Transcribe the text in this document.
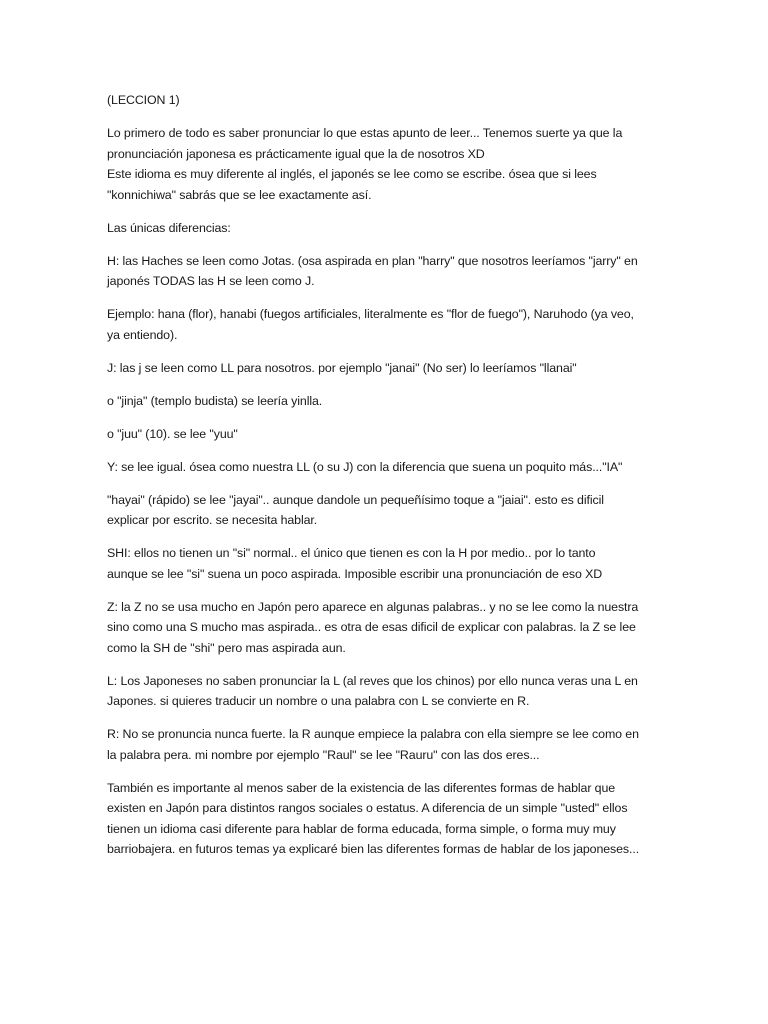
(LECCION 1)

Lo primero de todo es saber pronunciar lo que estas apunto de leer... Tenemos suerte ya que la
pronunciación japonesa es prácticamente igual que la de nosotros XD
Este idioma es muy diferente al inglés, el japonés se lee como se escribe. ósea que si lees
"konnichiwa" sabrás que se lee exactamente así.

Las únicas diferencias:

H: las Haches se leen como Jotas. (osa aspirada en plan "harry" que nosotros leeríamos "jarry" en
japonés TODAS las H se leen como J.

Ejemplo: hana (flor), hanabi (fuegos artificiales, literalmente es "flor de fuego"), Naruhodo (ya veo,
ya entiendo).

J: las j se leen como LL para nosotros. por ejemplo "janai" (No ser) lo leeríamos "llanai"

o "jinja" (templo budista) se leería yinlla.

o "juu" (10). se lee "yuu"

Y: se lee igual. ósea como nuestra LL (o su J) con la diferencia que suena un poquito más..."IA"

"hayai" (rápido) se lee "jayai".. aunque dandole un pequeñísimo toque a "jaiai". esto es dificil
explicar por escrito. se necesita hablar.

SHI: ellos no tienen un "si" normal.. el único que tienen es con la H por medio.. por lo tanto
aunque se lee "si" suena un poco aspirada. Imposible escribir una pronunciación de eso XD

Z: la Z no se usa mucho en Japón pero aparece en algunas palabras.. y no se lee como la nuestra
sino como una S mucho mas aspirada.. es otra de esas dificil de explicar con palabras. la Z se lee
como la SH de "shi" pero mas aspirada aun.

L: Los Japoneses no saben pronunciar la L (al reves que los chinos) por ello nunca veras una L en
Japones. si quieres traducir un nombre o una palabra con L se convierte en R.

R: No se pronuncia nunca fuerte. la R aunque empiece la palabra con ella siempre se lee como en
la palabra pera. mi nombre por ejemplo "Raul" se lee "Rauru" con las dos eres...

También es importante al menos saber de la existencia de las diferentes formas de hablar que
existen en Japón para distintos rangos sociales o estatus. A diferencia de un simple "usted" ellos
tienen un idioma casi diferente para hablar de forma educada, forma simple, o forma muy muy
barriobajera. en futuros temas ya explicaré bien las diferentes formas de hablar de los japoneses...
